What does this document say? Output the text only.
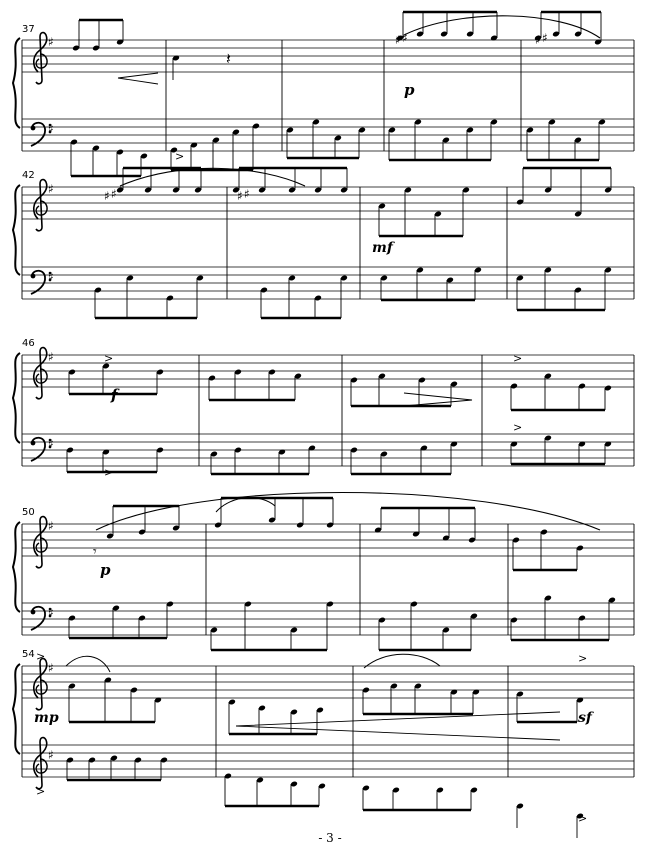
♯
♯
♯
♯
♯
♯
♯
♯
♯
♯
37
42
46
50
54
p
mf
f
p
mp	sf
𝄽
𝄾
>
>
>
>
>
>
>
>
>
♯ ♯	♯ ♯
♯ ♯	♯ ♯
- 3 -
